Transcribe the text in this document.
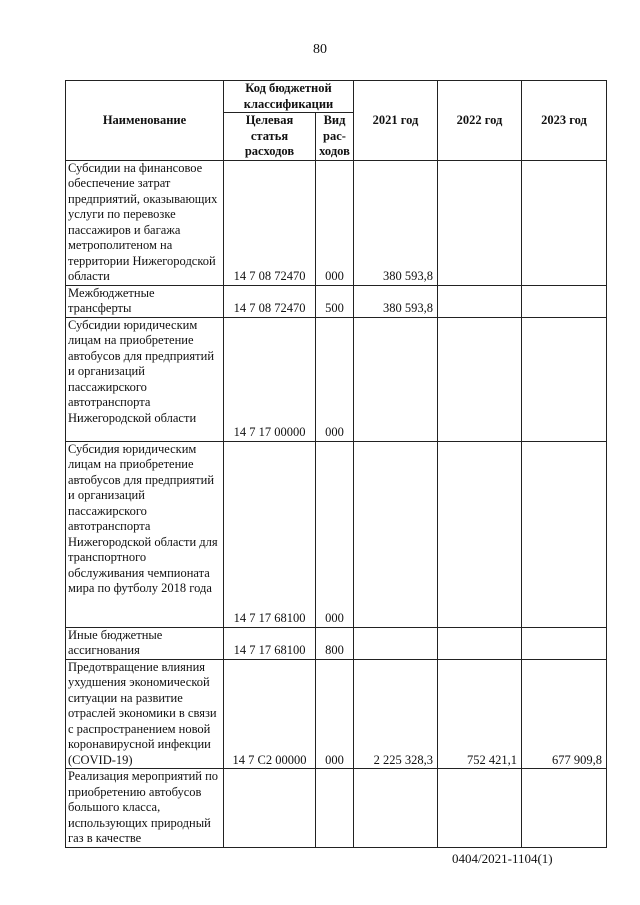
80
Наименование	Код бюджетной классификации		2021 год	2022 год	2023 год
	Целевая статья расходов	Вид рас-ходов			
Субсидии на финансовое обеспечение затрат предприятий, оказывающих услуги по перевозке пассажиров и багажа метрополитеном на территории Нижегородской области	14 7 08 72470	000	380 593,8		
Межбюджетные трансферты	14 7 08 72470	500	380 593,8		
Субсидии юридическим лицам на приобретение автобусов для предприятий и организаций пассажирского автотранспорта Нижегородской области	14 7 17 00000	000			
Субсидия юридическим лицам на приобретение автобусов для предприятий и организаций пассажирского автотранспорта Нижегородской области для транспортного обслуживания чемпионата мира по футболу 2018 года	14 7 17 68100	000			
Иные бюджетные ассигнования	14 7 17 68100	800			
Предотвращение влияния ухудшения экономической ситуации на развитие отраслей экономики в связи с распространением новой коронавирусной инфекции (COVID-19)	14 7 C2 00000	000	2 225 328,3	752 421,1	677 909,8
Реализация мероприятий по приобретению автобусов большого класса, использующих природный газ в качестве					
0404/2021-1104(1)
